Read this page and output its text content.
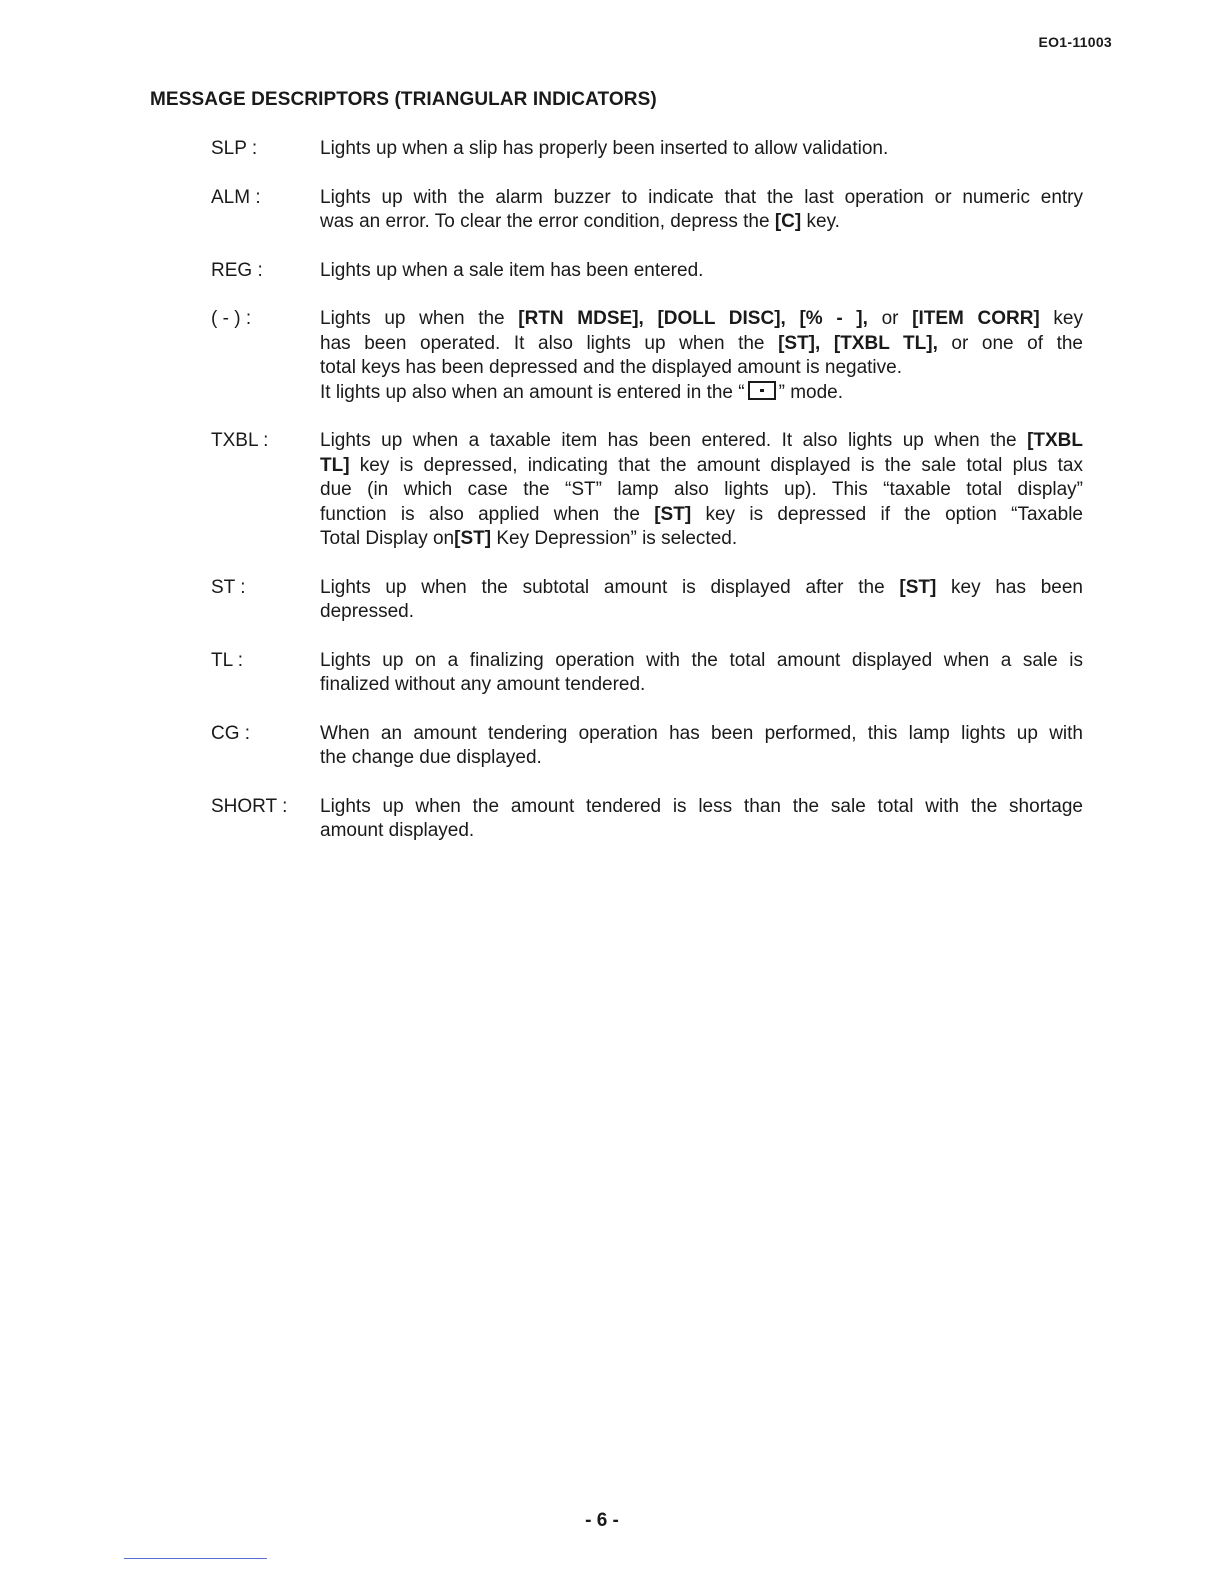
EO1-11003
MESSAGE DESCRIPTORS (TRIANGULAR INDICATORS)
SLP :	Lights up when a slip has properly been inserted to allow validation.
ALM :	Lights up with the alarm buzzer to indicate that the last operation or numeric entry
was an error. To clear the error condition, depress the [C] key.
REG :	Lights up when a sale item has been entered.
( - ) :	Lights up when the [RTN MDSE], [DOLL DISC], [% - ], or [ITEM CORR] key
has been operated. It also lights up when the [ST], [TXBL TL], or one of the
total keys has been depressed and the displayed amount is negative.
It lights up also when an amount is entered in the “ ” mode.
TXBL :	Lights up when a taxable item has been entered. It also lights up when the [TXBL
TL] key is depressed, indicating that the amount displayed is the sale total plus tax
due (in which case the “ST” lamp also lights up). This “taxable total display”
function is also applied when the [ST] key is depressed if the option “Taxable
Total Display on[ST] Key Depression” is selected.
ST :	Lights up when the subtotal amount is displayed after the [ST] key has been
depressed.
TL :	Lights up on a finalizing operation with the total amount displayed when a sale is
finalized without any amount tendered.
CG :	When an amount tendering operation has been performed, this lamp lights up with
the change due displayed.
SHORT :	Lights up when the amount tendered is less than the sale total with the shortage
amount displayed.
- 6 -
